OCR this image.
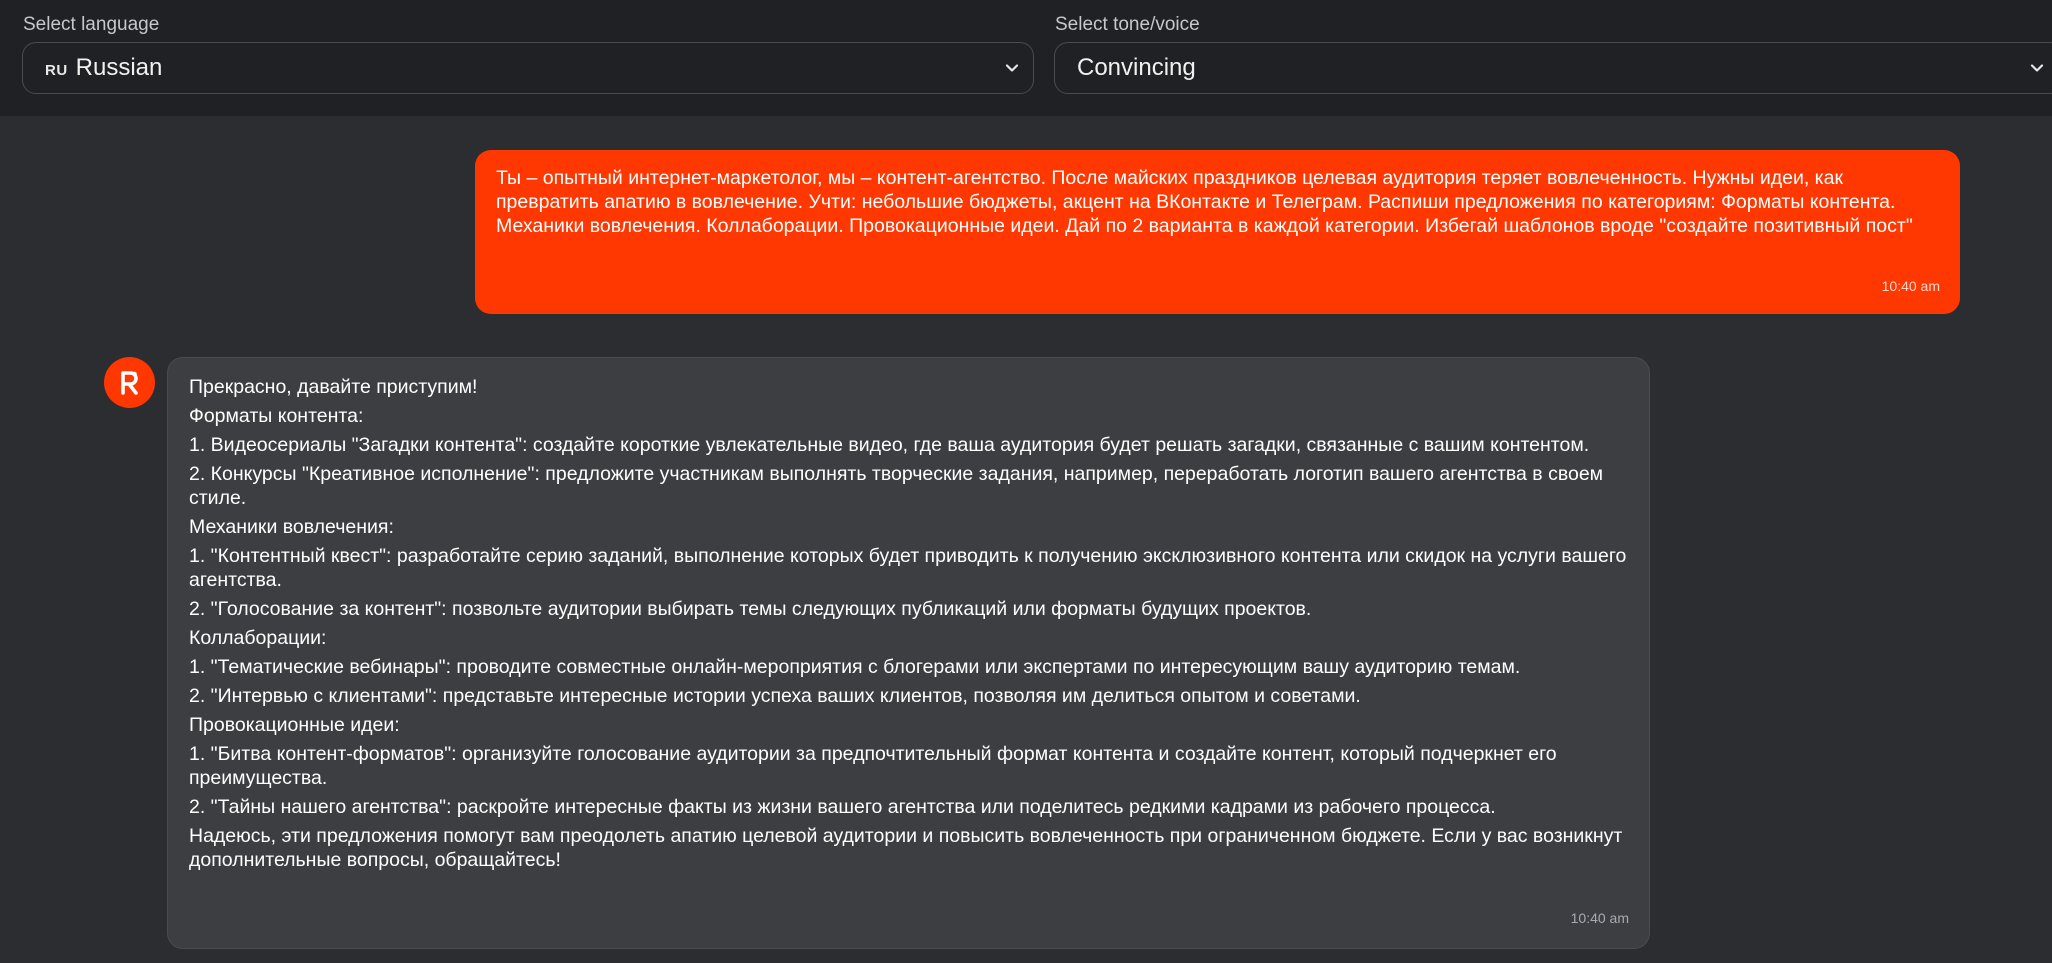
Select language
RU Russian
Select tone/voice
Convincing
Ты – опытный интернет-маркетолог, мы – контент-агентство. После майских праздников целевая аудитория теряет вовлеченность. Нужны идеи, как превратить апатию в вовлечение. Учти: небольшие бюджеты, акцент на ВКонтакте и Телеграм. Распиши предложения по категориям: Форматы контента. Механики вовлечения. Коллаборации. Провокационные идеи. Дай по 2 варианта в каждой категории. Избегай шаблонов вроде "создайте позитивный пост"
10:40 am

Прекрасно, давайте приступим!

Форматы контента:

1. Видеосериалы "Загадки контента": создайте короткие увлекательные видео, где ваша аудитория будет решать загадки, связанные с вашим контентом.

2. Конкурсы "Креативное исполнение": предложите участникам выполнять творческие задания, например, переработать логотип вашего агентства в своем стиле.

Механики вовлечения:

1. "Контентный квест": разработайте серию заданий, выполнение которых будет приводить к получению эксклюзивного контента или скидок на услуги вашего агентства.

2. "Голосование за контент": позвольте аудитории выбирать темы следующих публикаций или форматы будущих проектов.

Коллаборации:

1. "Тематические вебинары": проводите совместные онлайн-мероприятия с блогерами или экспертами по интересующим вашу аудиторию темам.

2. "Интервью с клиентами": представьте интересные истории успеха ваших клиентов, позволяя им делиться опытом и советами.

Провокационные идеи:

1. "Битва контент-форматов": организуйте голосование аудитории за предпочтительный формат контента и создайте контент, который подчеркнет его преимущества.

2. "Тайны нашего агентства": раскройте интересные факты из жизни вашего агентства или поделитесь редкими кадрами из рабочего процесса.

Надеюсь, эти предложения помогут вам преодолеть апатию целевой аудитории и повысить вовлеченность при ограниченном бюджете. Если у вас возникнут дополнительные вопросы, обращайтесь!

10:40 am
